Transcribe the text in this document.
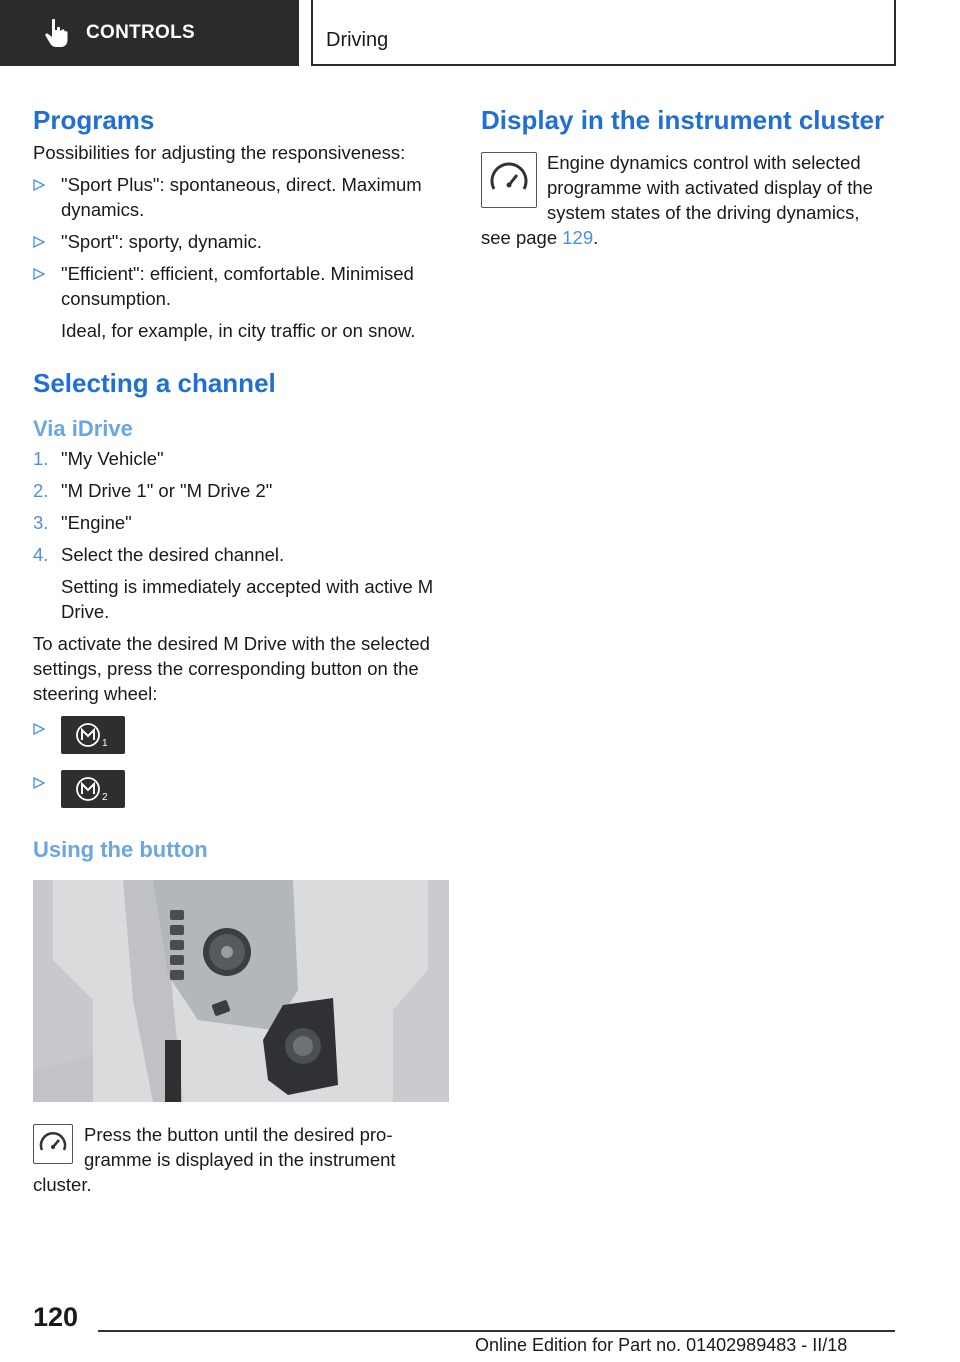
CONTROLS	Driving
Programs
Possibilities for adjusting the responsiveness:
"Sport Plus": spontaneous, direct. Maximum dynamics.
"Sport": sporty, dynamic.
"Efficient": efficient, comfortable. Minimised consumption.
Ideal, for example, in city traffic or on snow.
Selecting a channel
Via iDrive
1. "My Vehicle"
2. "M Drive 1" or "M Drive 2"
3. "Engine"
4. Select the desired channel.
Setting is immediately accepted with active M Drive.
To activate the desired M Drive with the selected settings, press the corresponding button on the steering wheel:
1
2
Using the button
Press the button until the desired pro-
gramme is displayed in the instrument
cluster.
Display in the instrument cluster
Engine dynamics control with selected
programme with activated display of the
system states of the driving dynamics,
see page 129.
120
Online Edition for Part no. 01402989483 - II/18
